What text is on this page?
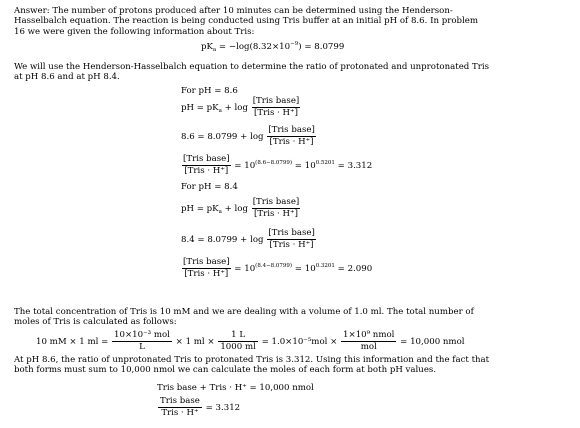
Answer: The number of protons produced after 10 minutes can be determined using the Henderson-
Hasselbalch equation. The reaction is being conducted using Tris buffer at an initial pH of 8.6. In problem
16 we were given the following information about Tris:
$pK_a = -\log(8.32\times 10^{-9}) = 8.0799$
We will use the Henderson-Hasselbalch equation to determine the ratio of protonated and unprotonated Tris
at pH 8.6 and at pH 8.4.
For pH = 8.6
pH = $pK_a + \log \frac{\text{[Tris base]}}{\text{[Tris · H⁺]}}$
$8.6 = 8.0799 + \log \frac{\text{[Tris base]}}{\text{[Tris · H⁺]}}$
$\frac{\text{[Tris base]}}{\text{[Tris · H⁺]}} = 10^{(8.6-8.0799)} = 10^{0.5201} = 3.312$
For pH = 8.4
pH = $pK_a + \log \frac{\text{[Tris base]}}{\text{[Tris · H⁺]}}$
$8.4 = 8.0799 + \log \frac{\text{[Tris base]}}{\text{[Tris · H⁺]}}$
$\frac{\text{[Tris base]}}{\text{[Tris · H⁺]}} = 10^{(8.4-8.0799)} = 10^{0.3201} = 2.090$
The total concentration of Tris is 10 mM and we are dealing with a volume of 1.0 ml. The total number of
moles of Tris is calculated as follows:
10 mM × 1 ml = $\frac{\text{10×10⁻³ mol}}{L} \times 1$ ml × $\frac{1 L}{1000 ml} = 1.0\times 10^{-5}mol \times \frac{\text{1×10⁹ nmol}}{\text{mol}} = 10,000$ nmol
At pH 8.6, the ratio of unprotonated Tris to protonated Tris is 3.312. Using this information and the fact that
both forms must sum to 10,000 nmol we can calculate the moles of each form at both pH values.
Tris base + Tris · H⁺ = 10,000 nmol
$\frac{\text{Tris base}}{\text{Tris · H⁺}} = 3.312$
